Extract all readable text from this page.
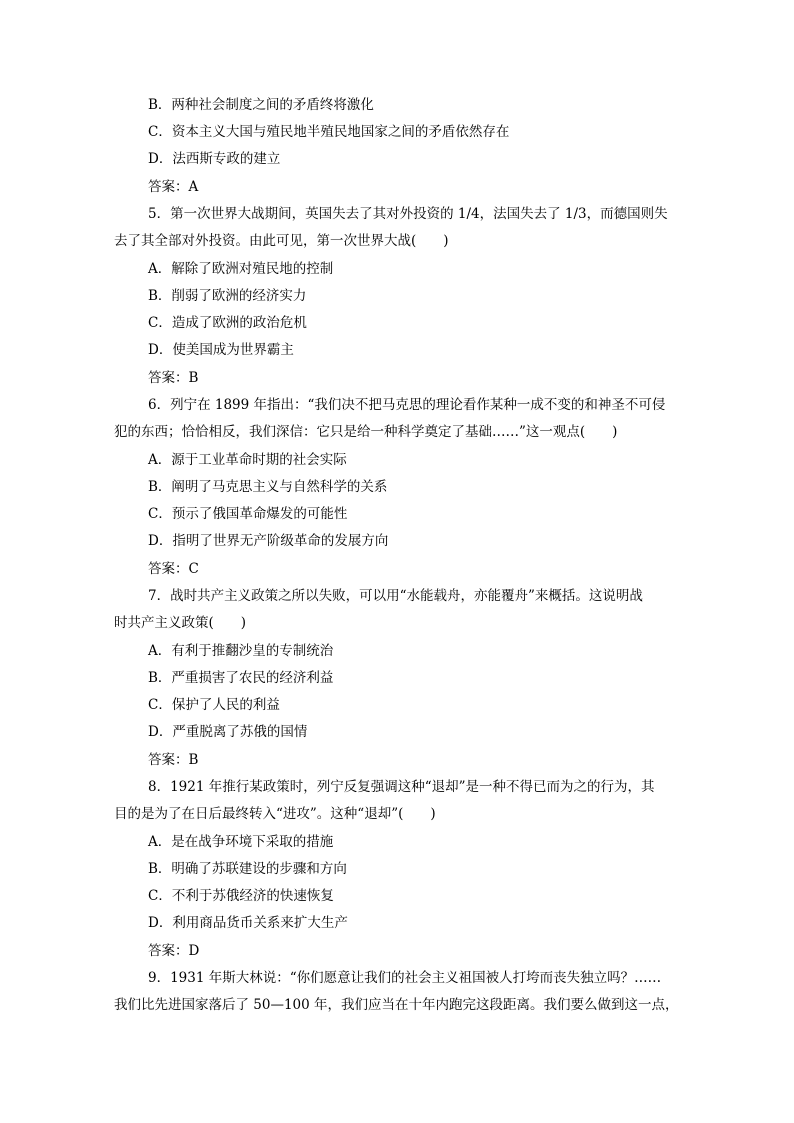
B．两种社会制度之间的矛盾终将激化
C．资本主义大国与殖民地半殖民地国家之间的矛盾依然存在
D．法西斯专政的建立
答案：A
5．第一次世界大战期间，英国失去了其对外投资的 1/4，法国失去了 1/3，而德国则失
去了其全部对外投资。由此可见，第一次世界大战(　　)
A．解除了欧洲对殖民地的控制
B．削弱了欧洲的经济实力
C．造成了欧洲的政治危机
D．使美国成为世界霸主
答案：B
6．列宁在 1899 年指出：“我们决不把马克思的理论看作某种一成不变的和神圣不可侵
犯的东西；恰恰相反，我们深信：它只是给一种科学奠定了基础……”这一观点(　　)
A．源于工业革命时期的社会实际
B．阐明了马克思主义与自然科学的关系
C．预示了俄国革命爆发的可能性
D．指明了世界无产阶级革命的发展方向
答案：C
7．战时共产主义政策之所以失败，可以用“水能载舟，亦能覆舟”来概括。这说明战
时共产主义政策(　　)
A．有利于推翻沙皇的专制统治
B．严重损害了农民的经济利益
C．保护了人民的利益
D．严重脱离了苏俄的国情
答案：B
8．1921 年推行某政策时，列宁反复强调这种“退却”是一种不得已而为之的行为，其
目的是为了在日后最终转入“进攻”。这种“退却”(　　)
A．是在战争环境下采取的措施
B．明确了苏联建设的步骤和方向
C．不利于苏俄经济的快速恢复
D．利用商品货币关系来扩大生产
答案：D
9．1931 年斯大林说：“你们愿意让我们的社会主义祖国被人打垮而丧失独立吗？……
我们比先进国家落后了 50—100 年，我们应当在十年内跑完这段距离。我们要么做到这一点，
